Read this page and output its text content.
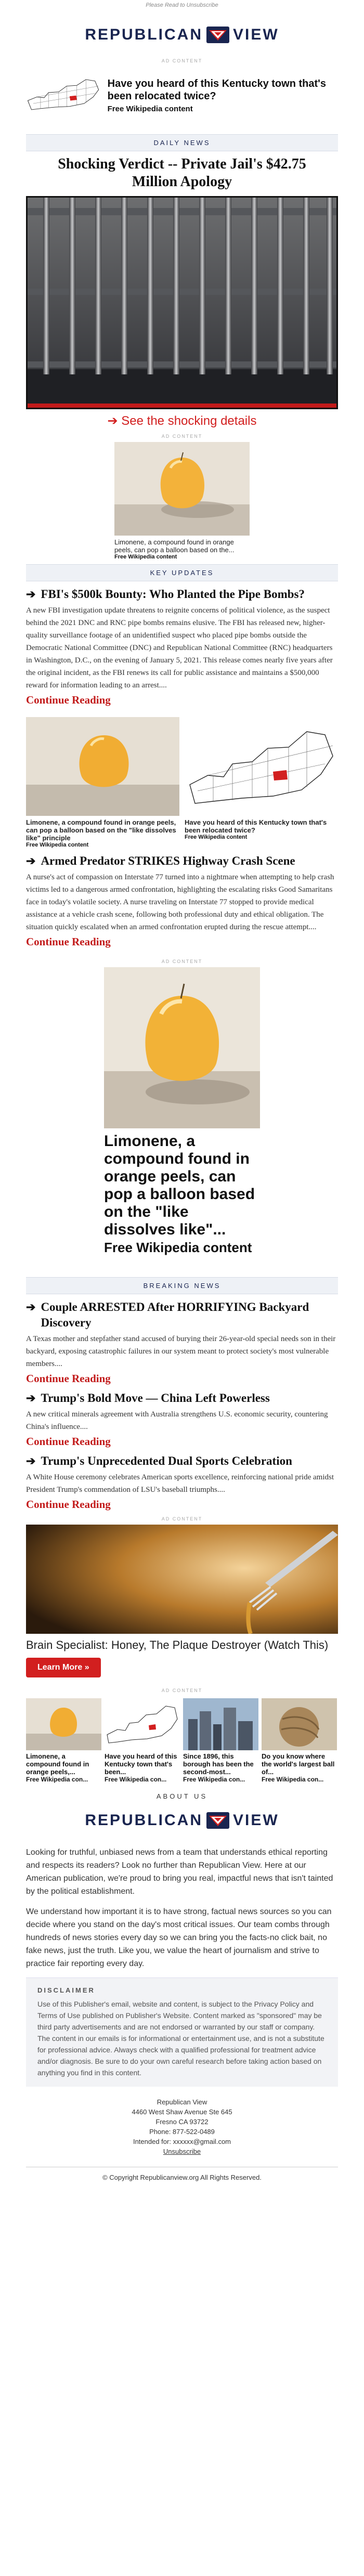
Please Read to Unsubscribe
REPUBLICAN VIEW
AD CONTENT
Have you heard of this Kentucky town that's been relocated twice?
Free Wikipedia content
DAILY NEWS
Shocking Verdict -- Private Jail's $42.75 Million Apology
➔ See the shocking details
AD CONTENT
Limonene, a compound found in orange peels, can pop a balloon based on the...
Free Wikipedia content
KEY UPDATES
➔ FBI's $500k Bounty: Who Planted the Pipe Bombs?

A new FBI investigation update threatens to reignite concerns of political violence, as the suspect behind the 2021 DNC and RNC pipe bombs remains elusive. The FBI has released new, higher-quality surveillance footage of an unidentified suspect who placed pipe bombs outside the Democratic National Committee (DNC) and Republican National Committee (RNC) headquarters in Washington, D.C., on the evening of January 5, 2021. This release comes nearly five years after the original incident, as the FBI renews its call for public assistance and maintains a $500,000 reward for information leading to an arrest....

Continue Reading
Limonene, a compound found in orange peels, can pop a balloon based on the "like dissolves like" principle
Free Wikipedia content
Have you heard of this Kentucky town that's been relocated twice?
Free Wikipedia content
➔ Armed Predator STRIKES Highway Crash Scene

A nurse's act of compassion on Interstate 77 turned into a nightmare when attempting to help crash victims led to a dangerous armed confrontation, highlighting the escalating risks Good Samaritans face in today's volatile society. A nurse traveling on Interstate 77 stopped to provide medical assistance at a vehicle crash scene, following both professional duty and ethical obligation. The situation quickly escalated when an armed confrontation erupted during the rescue attempt....

Continue Reading
AD CONTENT
Limonene, a compound found in orange peels, can pop a balloon based on the "like dissolves like"...
Free Wikipedia content
BREAKING NEWS
➔ Couple ARRESTED After HORRIFYING Backyard Discovery

A Texas mother and stepfather stand accused of burying their 26-year-old special needs son in their backyard, exposing catastrophic failures in our system meant to protect society's most vulnerable members....

Continue Reading
➔ Trump's Bold Move — China Left Powerless

A new critical minerals agreement with Australia strengthens U.S. economic security, countering China's influence....

Continue Reading
➔ Trump's Unprecedented Dual Sports Celebration

A White House ceremony celebrates American sports excellence, reinforcing national pride amidst President Trump's commendation of LSU's baseball triumphs....

Continue Reading
AD CONTENT
Brain Specialist: Honey, The Plaque Destroyer (Watch This)
Learn More »
AD CONTENT
Limonene, a compound found in orange peels,...
Free Wikipedia con...
Have you heard of this Kentucky town that's been...
Free Wikipedia con...
Since 1896, this borough has been the second-most...
Free Wikipedia con...
Do you know where the world's largest ball of...
Free Wikipedia con...
ABOUT US
REPUBLICAN VIEW

Looking for truthful, unbiased news from a team that understands ethical reporting and respects its readers? Look no further than Republican View. Here at our American publication, we're proud to bring you real, impactful news that isn't tainted by the political establishment.

We understand how important it is to have strong, factual news sources so you can decide where you stand on the day's most critical issues. Our team combs through hundreds of news stories every day so we can bring you the facts-no click bait, no fake news, just the truth. Like you, we value the heart of journalism and strive to practice fair reporting every day.

DISCLAIMER

Use of this Publisher's email, website and content, is subject to the Privacy Policy and Terms of Use published on Publisher's Website. Content marked as "sponsored" may be third party advertisements and are not endorsed or warranted by our staff or company. The content in our emails is for informational or entertainment use, and is not a substitute for professional advice. Always check with a qualified professional for treatment advice and/or diagnosis. Be sure to do your own careful research before taking action based on anything you find in this content.

Republican View
4460 West Shaw Avenue Ste 645
Fresno CA 93722
Phone: 877-522-0489
Intended for: xxxxxx@gmail.com
Unsubscribe
© Copyright Republicanview.org All Rights Reserved.
